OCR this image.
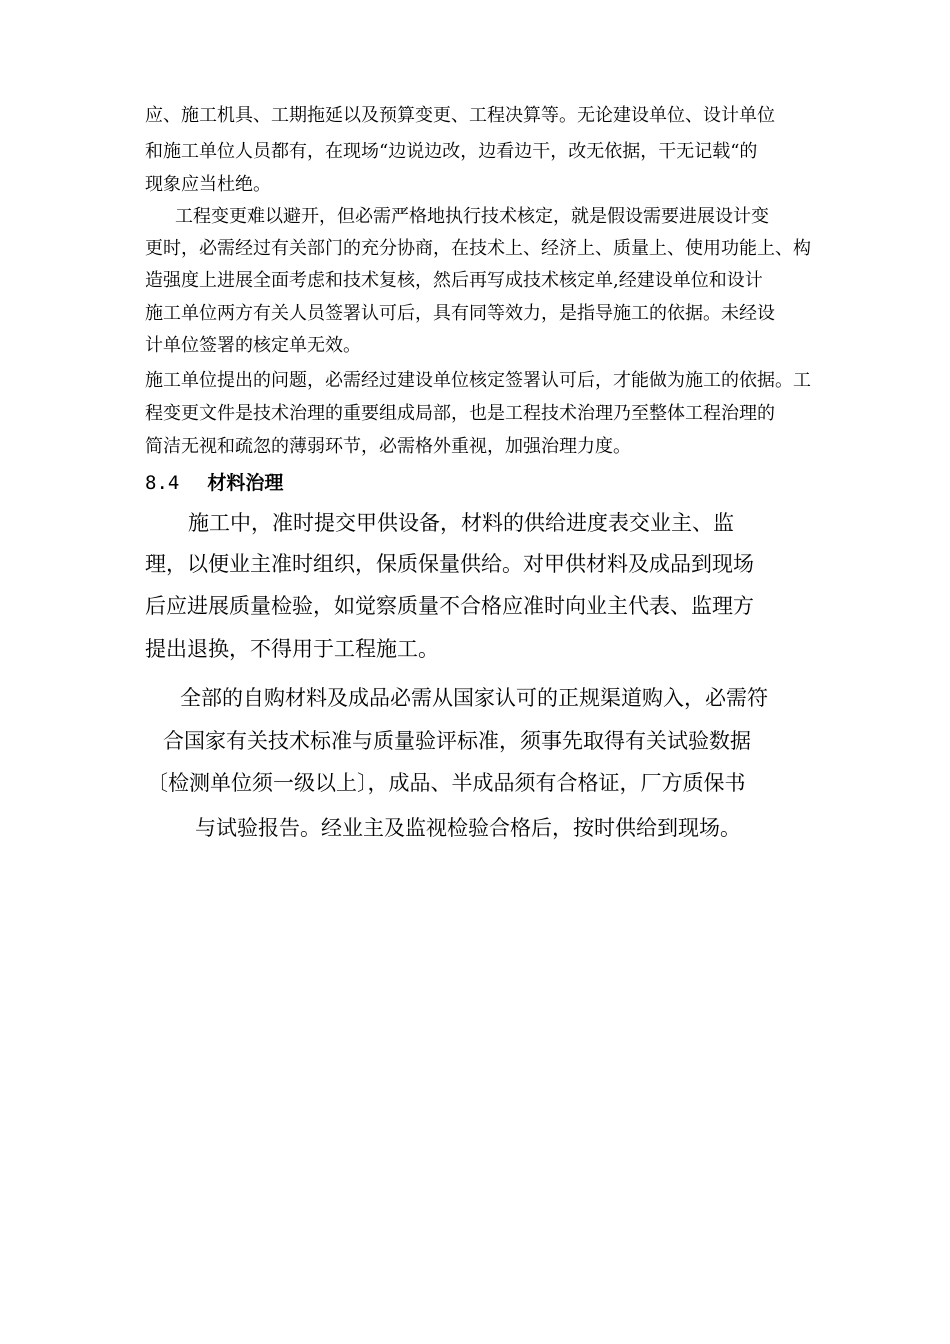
应、施工机具、工期拖延以及预算变更、工程决算等。无论建设单位、设计单位
和施工单位人员都有，在现场“边说边改，边看边干，改无依据，干无记载“的
现象应当杜绝。
工程变更难以避开，但必需严格地执行技术核定，就是假设需要进展设计变
更时，必需经过有关部门的充分协商，在技术上、经济上、质量上、使用功能上、构
造强度上进展全面考虑和技术复核，然后再写成技术核定单,经建设单位和设计
施工单位两方有关人员签署认可后，具有同等效力，是指导施工的依据。未经设
计单位签署的核定单无效。
施工单位提出的问题，必需经过建设单位核定签署认可后，才能做为施工的依据。工
程变更文件是技术治理的重要组成局部，也是工程技术治理乃至整体工程治理的
简洁无视和疏忽的薄弱环节，必需格外重视，加强治理力度。
8.4 材料治理
施工中，准时提交甲供设备，材料的供给进度表交业主、监
理，以便业主准时组织，保质保量供给。对甲供材料及成品到现场
后应进展质量检验，如觉察质量不合格应准时向业主代表、监理方
提出退换，不得用于工程施工。
全部的自购材料及成品必需从国家认可的正规渠道购入，必需符
合国家有关技术标准与质量验评标准，须事先取得有关试验数据
〔检测单位须一级以上〕，成品、半成品须有合格证，厂方质保书
与试验报告。经业主及监视检验合格后，按时供给到现场。
